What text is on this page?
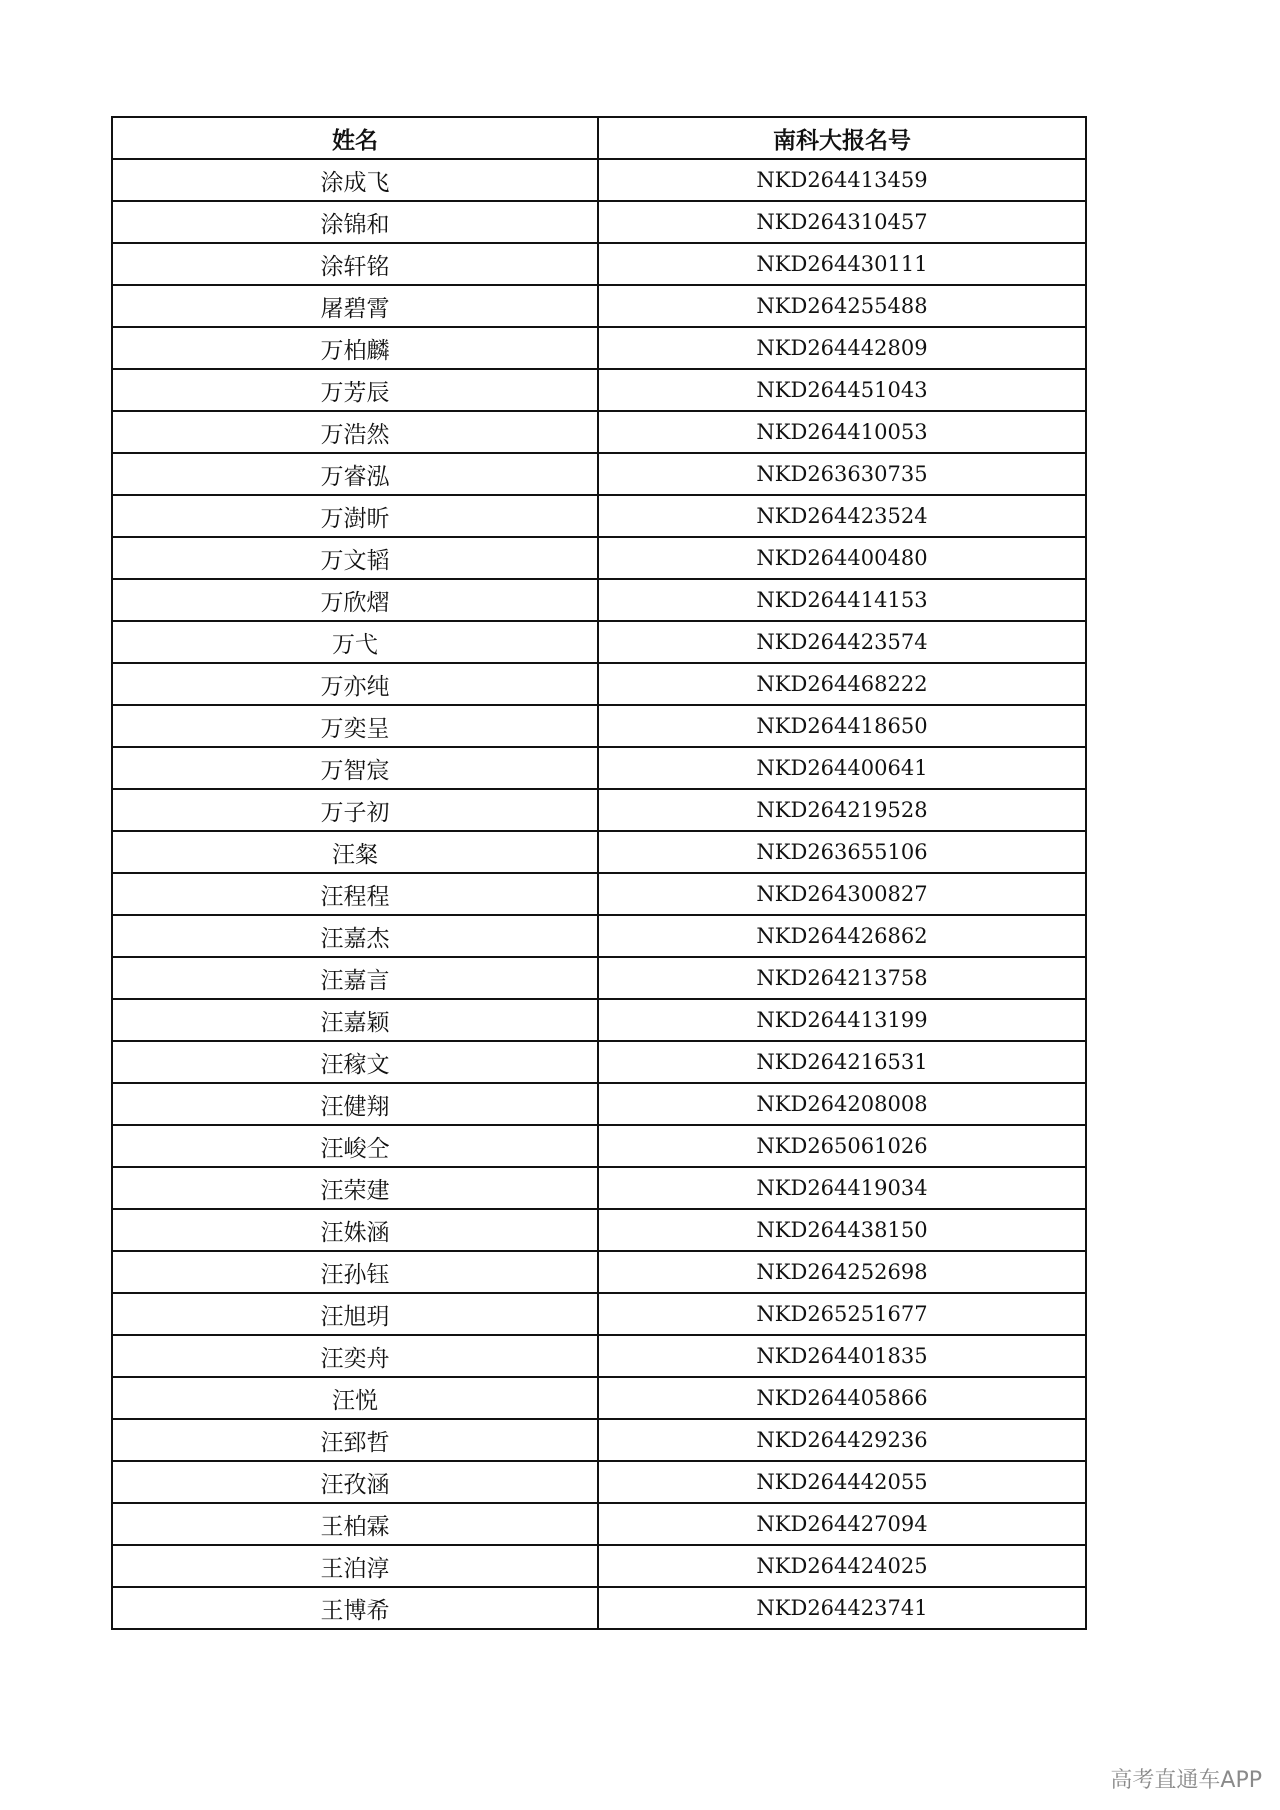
姓名	南科大报名号
涂成飞	NKD264413459
涂锦和	NKD264310457
涂轩铭	NKD264430111
屠碧霄	NKD264255488
万柏麟	NKD264442809
万芳辰	NKD264451043
万浩然	NKD264410053
万睿泓	NKD263630735
万澍昕	NKD264423524
万文韬	NKD264400480
万欣熠	NKD264414153
万弋	NKD264423574
万亦纯	NKD264468222
万奕呈	NKD264418650
万智宸	NKD264400641
万子初	NKD264219528
汪粲	NKD263655106
汪程程	NKD264300827
汪嘉杰	NKD264426862
汪嘉言	NKD264213758
汪嘉颖	NKD264413199
汪稼文	NKD264216531
汪健翔	NKD264208008
汪峻仝	NKD265061026
汪荣建	NKD264419034
汪姝涵	NKD264438150
汪孙钰	NKD264252698
汪旭玥	NKD265251677
汪奕舟	NKD264401835
汪悦	NKD264405866
汪郅哲	NKD264429236
汪孜涵	NKD264442055
王柏霖	NKD264427094
王泊淳	NKD264424025
王博希	NKD264423741
高考直通车APP
